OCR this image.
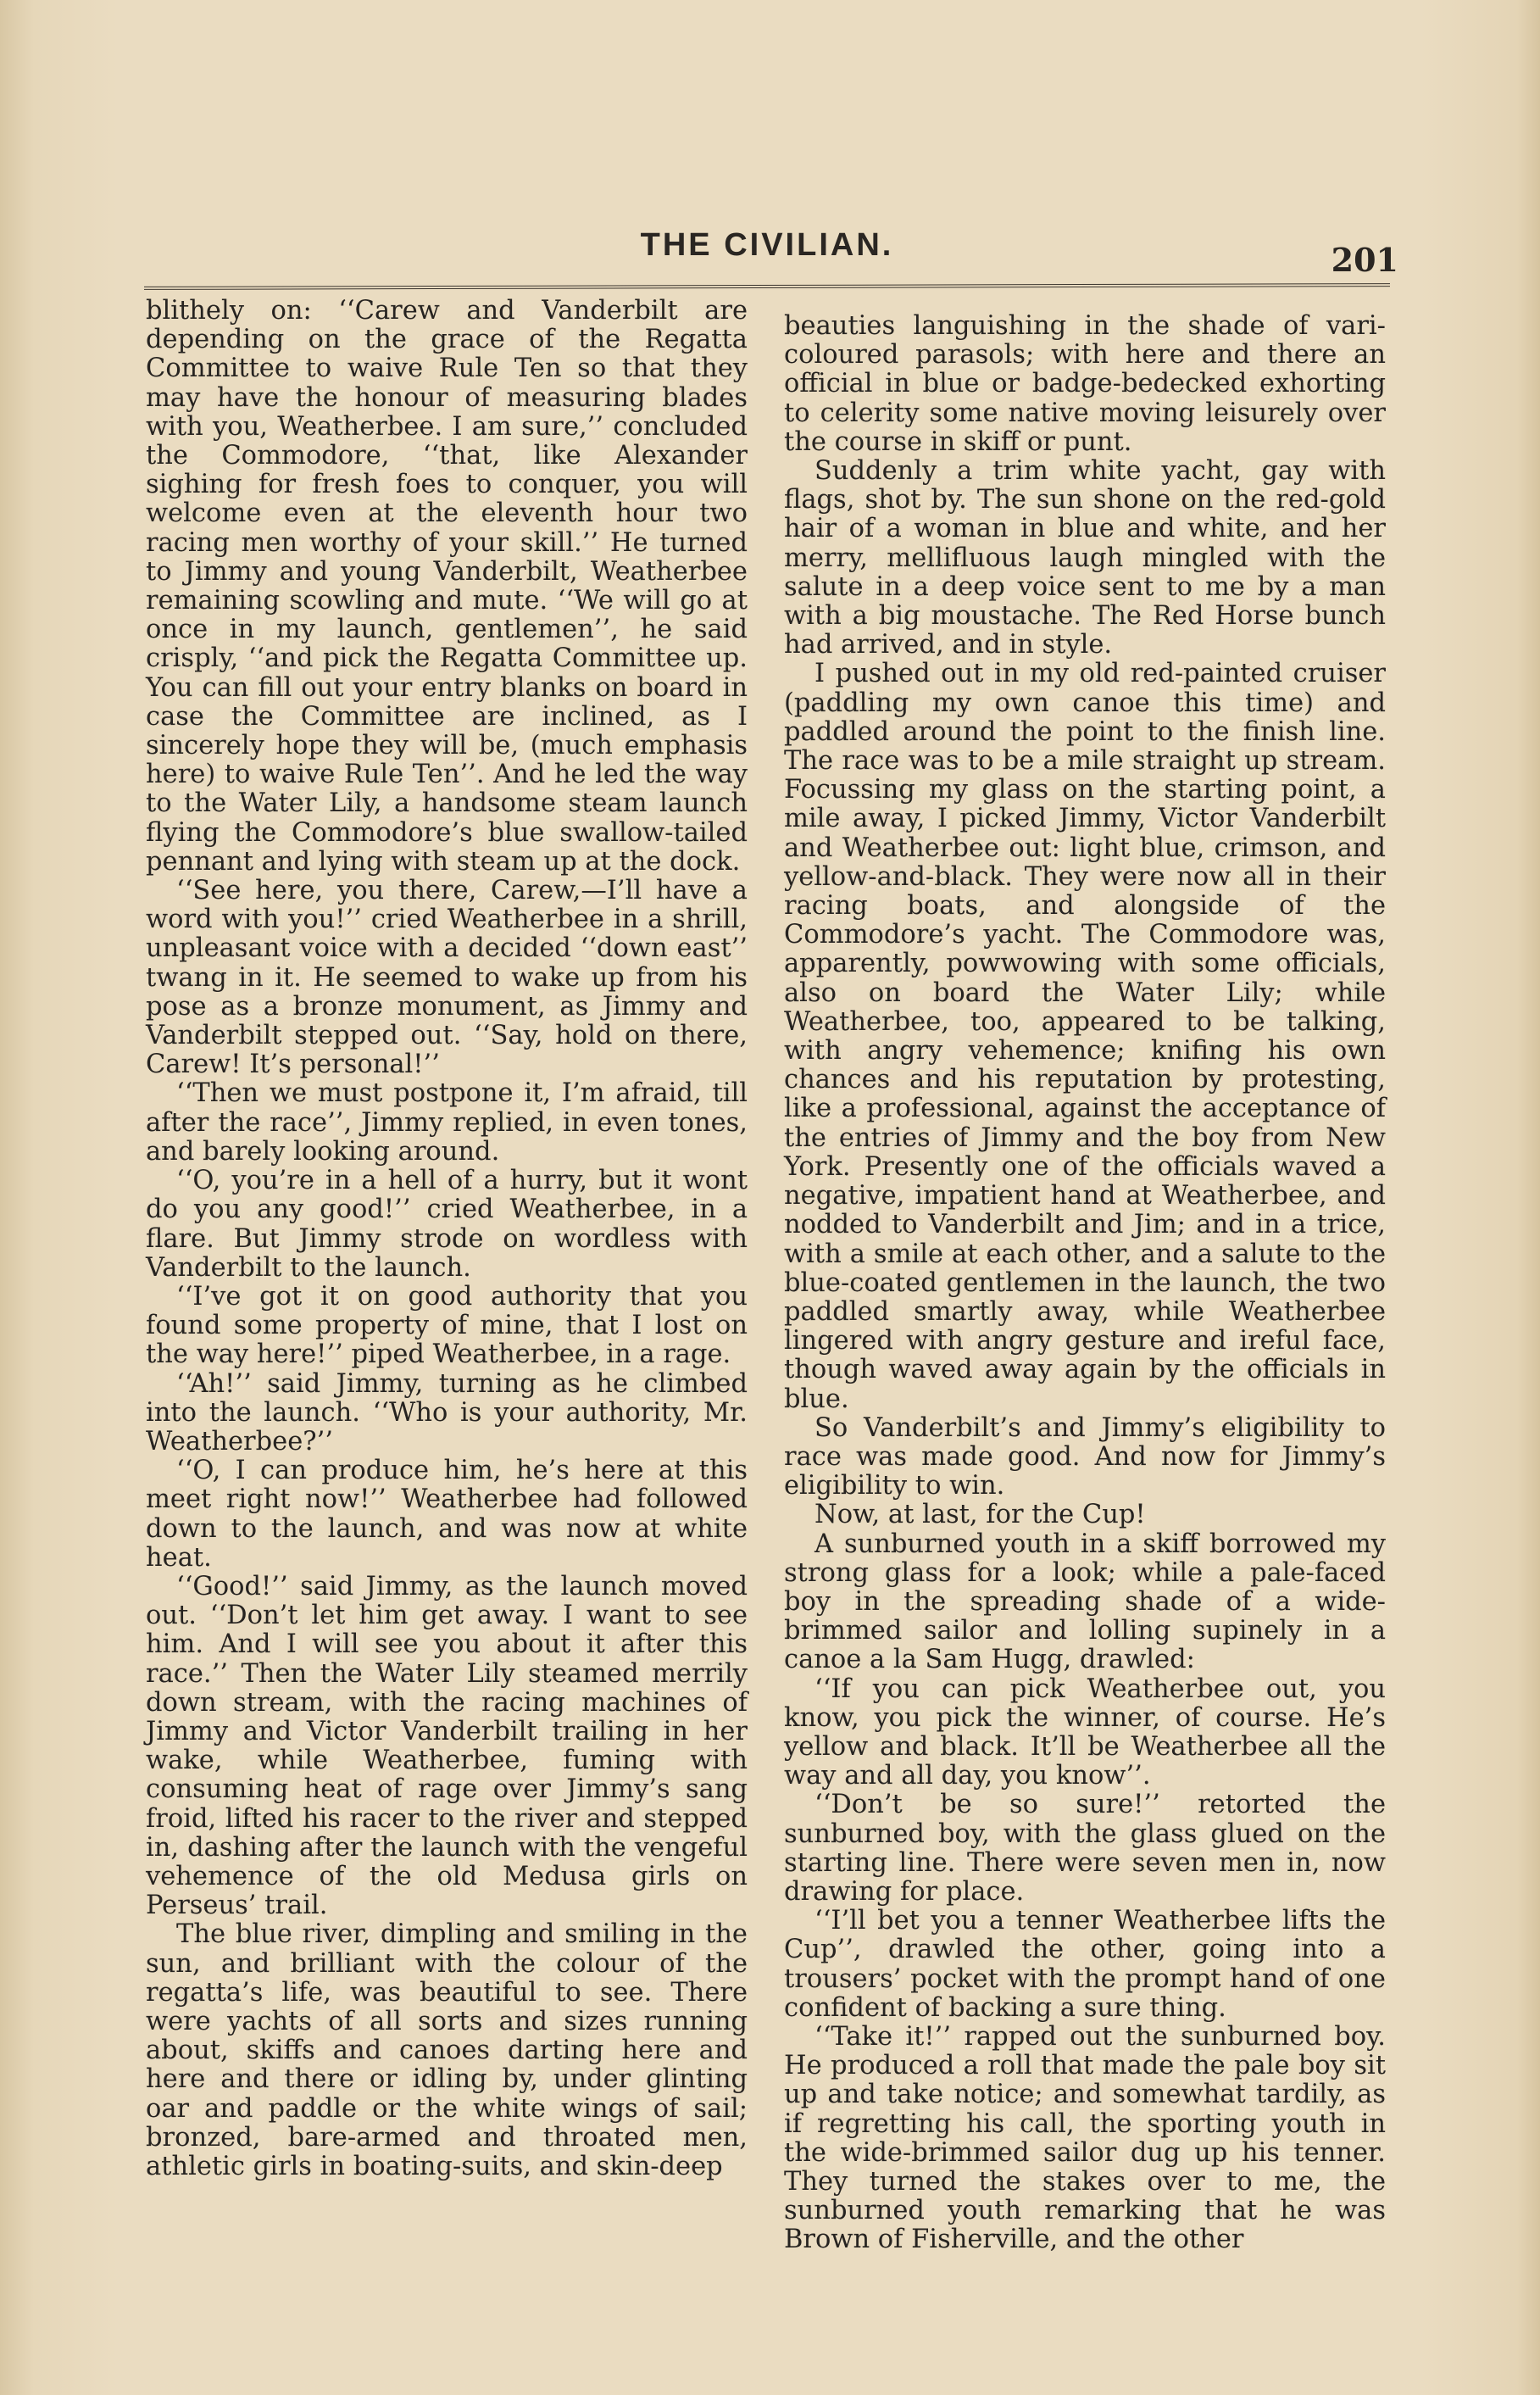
THE CIVILIAN.	201

blithely on: ‘‘Carew and Vanderbilt are depending on the grace of the Regatta Committee to waive Rule Ten so that they may have the honour of measuring blades with you, Weatherbee. I am sure,’’ concluded the Commodore, ‘‘that, like Alexander sighing for fresh foes to conquer, you will welcome even at the eleventh hour two racing men worthy of your skill.’’ He turned to Jimmy and young Vanderbilt, Weatherbee remaining scowling and mute. ‘‘We will go at once in my launch, gentlemen’’, he said crisply, ‘‘and pick the Regatta Committee up. You can fill out your entry blanks on board in case the Committee are inclined, as I sincerely hope they will be, (much emphasis here) to waive Rule Ten’’. And he led the way to the Water Lily, a handsome steam launch flying the Commodore’s blue swallow-tailed pennant and lying with steam up at the dock.

‘‘See here, you there, Carew,—I’ll have a word with you!’’ cried Weatherbee in a shrill, unpleasant voice with a decided ‘‘down east’’ twang in it. He seemed to wake up from his pose as a bronze monument, as Jimmy and Vanderbilt stepped out. ‘‘Say, hold on there, Carew! It’s personal!’’

‘‘Then we must postpone it, I’m afraid, till after the race’’, Jimmy replied, in even tones, and barely looking around.

‘‘O, you’re in a hell of a hurry, but it wont do you any good!’’ cried Weatherbee, in a flare. But Jimmy strode on wordless with Vanderbilt to the launch.

‘‘I’ve got it on good authority that you found some property of mine, that I lost on the way here!’’ piped Weatherbee, in a rage.

‘‘Ah!’’ said Jimmy, turning as he climbed into the launch. ‘‘Who is your authority, Mr. Weatherbee?’’

‘‘O, I can produce him, he’s here at this meet right now!’’ Weatherbee had followed down to the launch, and was now at white heat.

‘‘Good!’’ said Jimmy, as the launch moved out. ‘‘Don’t let him get away. I want to see him. And I will see you about it after this race.’’ Then the Water Lily steamed merrily down stream, with the racing machines of Jimmy and Victor Vanderbilt trailing in her wake, while Weatherbee, fuming with consuming heat of rage over Jimmy’s sang froid, lifted his racer to the river and stepped in, dashing after the launch with the vengeful vehemence of the old Medusa girls on Perseus’ trail.

The blue river, dimpling and smiling in the sun, and brilliant with the colour of the regatta’s life, was beautiful to see. There were yachts of all sorts and sizes running about, skiffs and canoes darting here and here and there or idling by, under glinting oar and paddle or the white wings of sail; bronzed, bare-armed and throated men, athletic girls in boating-suits, and skin-deep

beauties languishing in the shade of vari-coloured parasols; with here and there an official in blue or badge-bedecked exhorting to celerity some native moving leisurely over the course in skiff or punt.

Suddenly a trim white yacht, gay with flags, shot by. The sun shone on the red-gold hair of a woman in blue and white, and her merry, mellifluous laugh mingled with the salute in a deep voice sent to me by a man with a big moustache. The Red Horse bunch had arrived, and in style.

I pushed out in my old red-painted cruiser (paddling my own canoe this time) and paddled around the point to the finish line. The race was to be a mile straight up stream. Focussing my glass on the starting point, a mile away, I picked Jimmy, Victor Vanderbilt and Weatherbee out: light blue, crimson, and yellow-and-black. They were now all in their racing boats, and alongside of the Commodore’s yacht. The Commodore was, apparently, powwowing with some officials, also on board the Water Lily; while Weatherbee, too, appeared to be talking, with angry vehemence; knifing his own chances and his reputation by protesting, like a professional, against the acceptance of the entries of Jimmy and the boy from New York. Presently one of the officials waved a negative, impatient hand at Weatherbee, and nodded to Vanderbilt and Jim; and in a trice, with a smile at each other, and a salute to the blue-coated gentlemen in the launch, the two paddled smartly away, while Weatherbee lingered with angry gesture and ireful face, though waved away again by the officials in blue.

So Vanderbilt’s and Jimmy’s eligibility to race was made good. And now for Jimmy’s eligibility to win.

Now, at last, for the Cup!

A sunburned youth in a skiff borrowed my strong glass for a look; while a pale-faced boy in the spreading shade of a wide-brimmed sailor and lolling supinely in a canoe a la Sam Hugg, drawled:

‘‘If you can pick Weatherbee out, you know, you pick the winner, of course. He’s yellow and black. It’ll be Weatherbee all the way and all day, you know’’.

‘‘Don’t be so sure!’’ retorted the sunburned boy, with the glass glued on the starting line. There were seven men in, now drawing for place.

‘‘I’ll bet you a tenner Weatherbee lifts the Cup’’, drawled the other, going into a trousers’ pocket with the prompt hand of one confident of backing a sure thing.

‘‘Take it!’’ rapped out the sunburned boy. He produced a roll that made the pale boy sit up and take notice; and somewhat tardily, as if regretting his call, the sporting youth in the wide-brimmed sailor dug up his tenner. They turned the stakes over to me, the sunburned youth remarking that he was Brown of Fisherville, and the other
